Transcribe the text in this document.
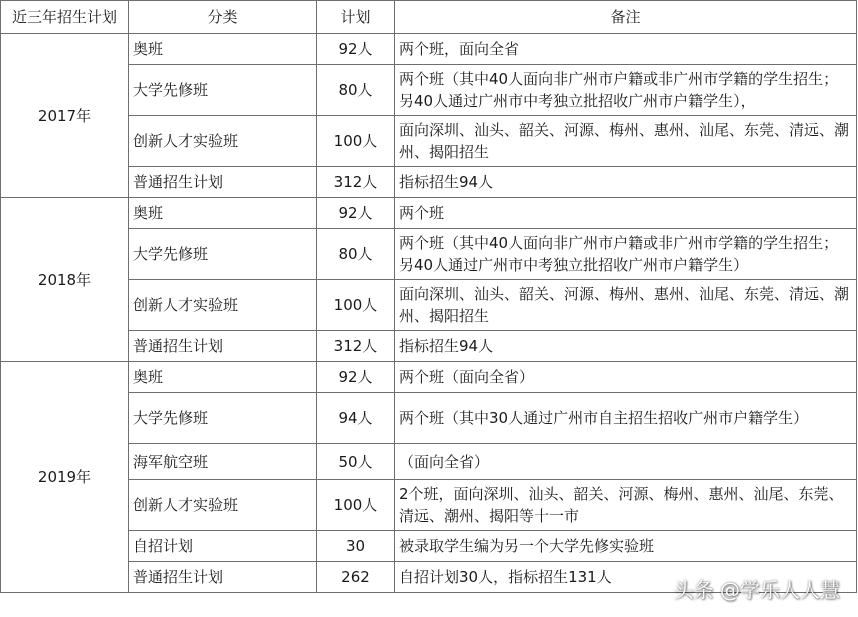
近三年招生计划	分类	计划	备注
2017年	奥班	92人	两个班，面向全省
	大学先修班	80人	两个班（其中40人面向非广州市户籍或非广州市学籍的学生招生；另40人通过广州市中考独立批招收广州市户籍学生），
	创新人才实验班	100人	面向深圳、汕头、韶关、河源、梅州、惠州、汕尾、东莞、清远、潮州、揭阳招生
	普通招生计划	312人	指标招生94人
2018年	奥班	92人	两个班
	大学先修班	80人	两个班（其中40人面向非广州市户籍或非广州市学籍的学生招生；另40人通过广州市中考独立批招收广州市户籍学生）
	创新人才实验班	100人	面向深圳、汕头、韶关、河源、梅州、惠州、汕尾、东莞、清远、潮州、揭阳招生
	普通招生计划	312人	指标招生94人
2019年	奥班	92人	两个班（面向全省）
	大学先修班	94人	两个班（其中30人通过广州市自主招生招收广州市户籍学生）
	海军航空班	50人	（面向全省）
	创新人才实验班	100人	2个班，面向深圳、汕头、韶关、河源、梅州、惠州、汕尾、东莞、清远、潮州、揭阳等十一市
	自招计划	30	被录取学生编为另一个大学先修实验班
	普通招生计划	262	自招计划30人，指标招生131人
头条 @学乐人人慧
